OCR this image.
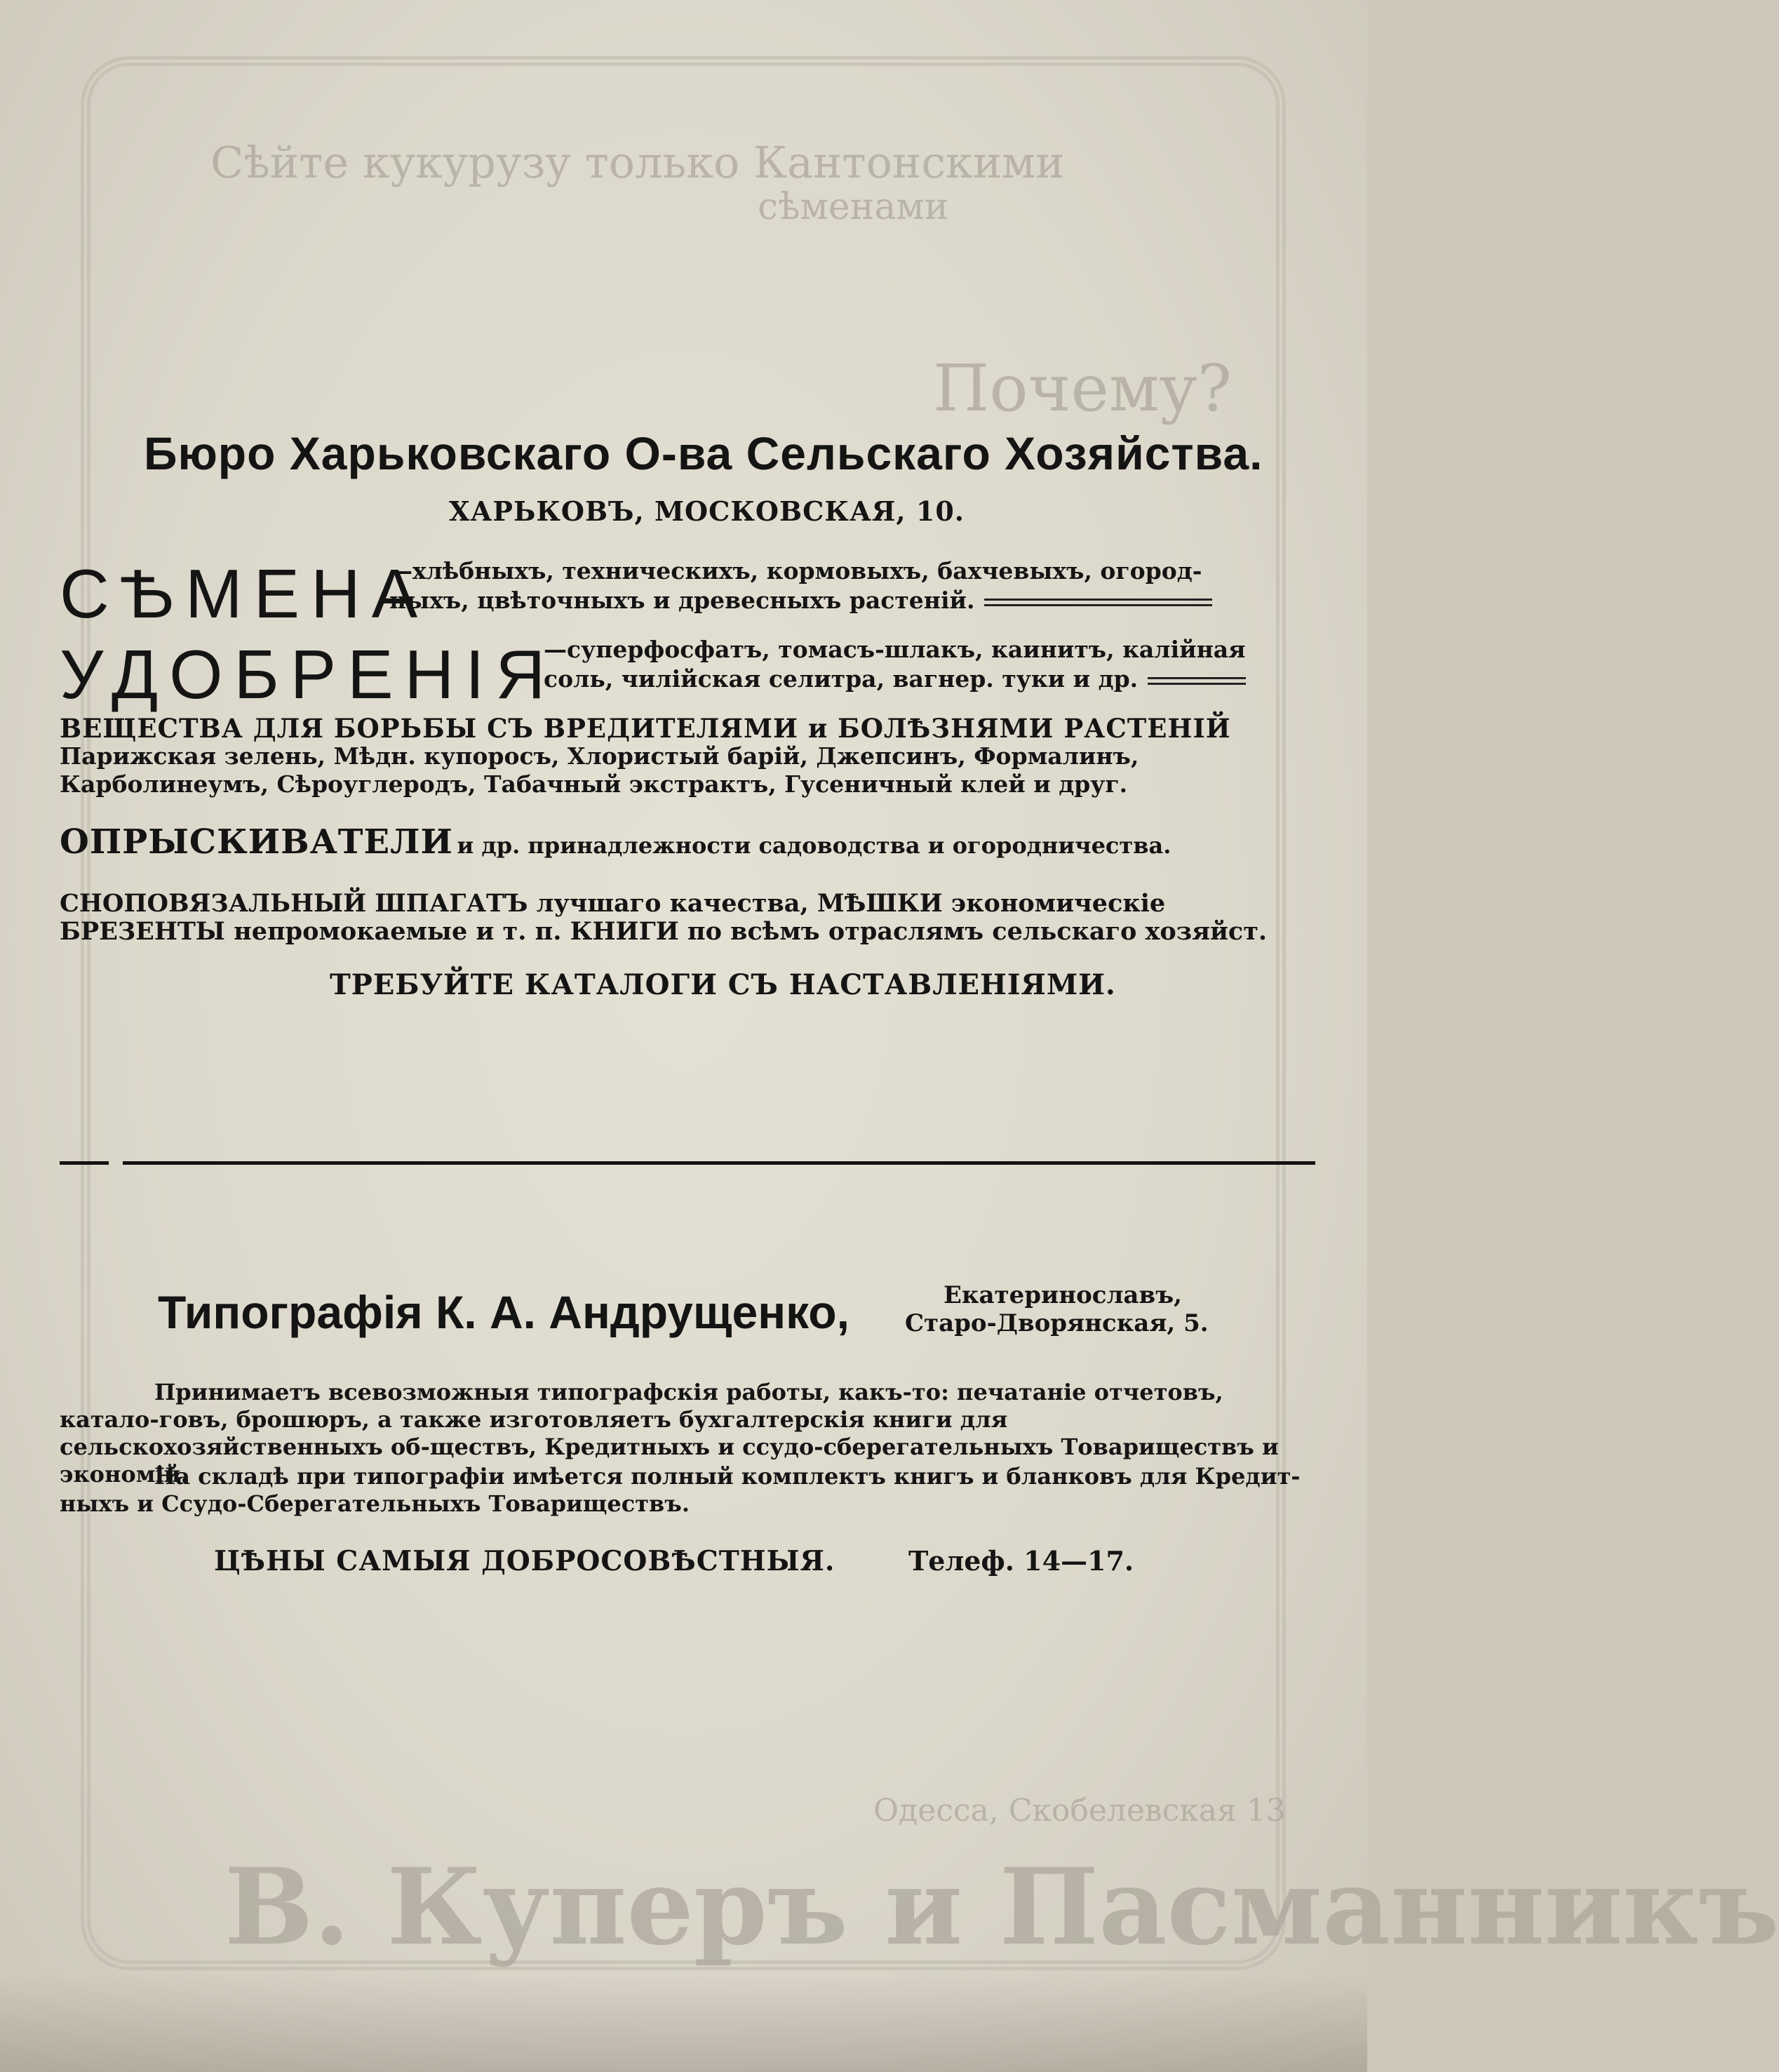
Сѣйте кукурузу только Кантонскими
сѣменами
Почему?
В. Куперъ и Пасманникъ
Одесса, Скобелевская 13
Бюро Харьковскаго О-ва Сельскаго Хозяйства.
ХАРЬКОВЪ, МОСКОВСКАЯ, 10.
СѢМЕНА
—хлѣбныхъ, техническихъ, кормовыхъ, бахчевыхъ, огород-
ныхъ, цвѣточныхъ и древесныхъ растеній.
УДОБРЕНІЯ
—суперфосфатъ, томасъ-шлакъ, каинитъ, калійная
соль, чилійская селитра, вагнер. туки и др.
ВЕЩЕСТВА ДЛЯ БОРЬБЫ СЪ ВРЕДИТЕЛЯМИ и БОЛѢЗНЯМИ РАСТЕНІЙ
Парижская зелень, Мѣдн. купоросъ, Хлористый барій, Джепсинъ, Формалинъ,
Карболинеумъ, Сѣроуглеродъ, Табачный экстрактъ, Гусеничный клей и друг.
ОПРЫСКИВАТЕЛИ и др. принадлежности садоводства и огородничества.
СНОПОВЯЗАЛЬНЫЙ ШПАГАТЪ лучшаго качества, МѢШКИ экономическіе
БРЕЗЕНТЫ непромокаемые и т. п. КНИГИ по всѣмъ отраслямъ сельскаго хозяйст.
ТРЕБУЙТЕ КАТАЛОГИ СЪ НАСТАВЛЕНІЯМИ.
Типографія К. А. Андрущенко,	Екатеринославъ,
Старо-Дворянская, 5.
Принимаетъ всевозможныя типографскія работы, какъ-то: печатаніе отчетовъ, катало-говъ, брошюръ, а также изготовляетъ бухгалтерскія книги для сельскохозяйственныхъ об-ществъ, Кредитныхъ и ссудо-сберегательныхъ Товариществъ и экономій.
На складѣ при типографіи имѣется полный комплектъ книгъ и бланковъ для Кредит-ныхъ и Ссудо-Сберегательныхъ Товариществъ.
ЦѢНЫ САМЫЯ ДОБРОСОВѢСТНЫЯ.	Телеф. 14—17.
